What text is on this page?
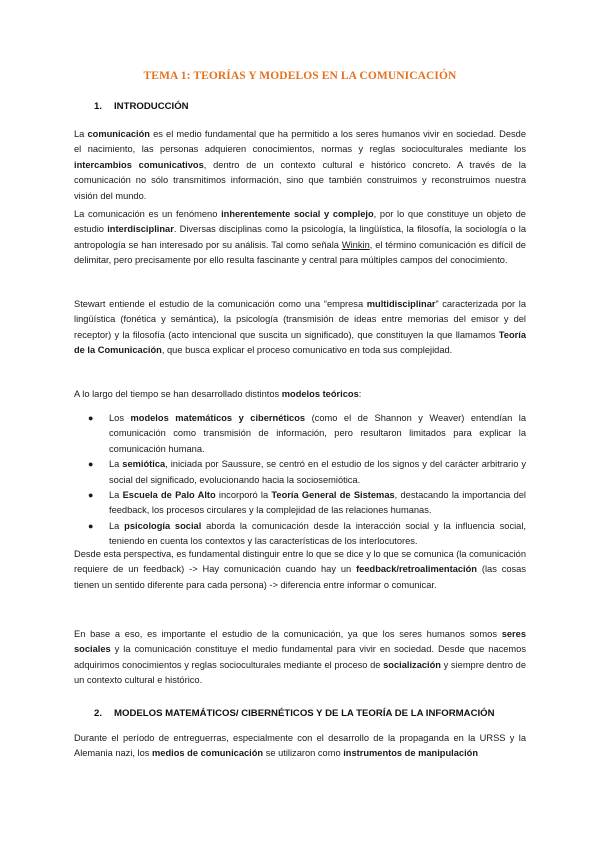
TEMA 1: TEORÍAS Y MODELOS EN LA COMUNICACIÓN
1. INTRODUCCIÓN

La comunicación es el medio fundamental que ha permitido a los seres humanos vivir en sociedad. Desde el nacimiento, las personas adquieren conocimientos, normas y reglas socioculturales mediante los intercambios comunicativos, dentro de un contexto cultural e histórico concreto. A través de la comunicación no sólo transmitimos información, sino que también construimos y reconstruimos nuestra visión del mundo.

La comunicación es un fenómeno inherentemente social y complejo, por lo que constituye un objeto de estudio interdisciplinar. Diversas disciplinas como la psicología, la lingüística, la filosofía, la sociología o la antropología se han interesado por su análisis. Tal como señala Winkin, el término comunicación es difícil de delimitar, pero precisamente por ello resulta fascinante y central para múltiples campos del conocimiento.

Stewart entiende el estudio de la comunicación como una “empresa multidisciplinar” caracterizada por la lingüística (fonética y semántica), la psicología (transmisión de ideas entre memorias del emisor y del receptor) y la filosofía (acto intencional que suscita un significado), que constituyen la que llamamos Teoría de la Comunicación, que busca explicar el proceso comunicativo en toda sus complejidad.

A lo largo del tiempo se han desarrollado distintos modelos teóricos:

● Los modelos matemáticos y cibernéticos (como el de Shannon y Weaver) entendían la comunicación como transmisión de información, pero resultaron limitados para explicar la comunicación humana.
● La semiótica, iniciada por Saussure, se centró en el estudio de los signos y del carácter arbitrario y social del significado, evolucionando hacia la sociosemiótica.
● La Escuela de Palo Alto incorporó la Teoría General de Sistemas, destacando la importancia del feedback, los procesos circulares y la complejidad de las relaciones humanas.
● La psicología social aborda la comunicación desde la interacción social y la influencia social, teniendo en cuenta los contextos y las características de los interlocutores.

Desde esta perspectiva, es fundamental distinguir entre lo que se dice y lo que se comunica (la comunicación requiere de un feedback) -> Hay comunicación cuando hay un feedback/retroalimentación (las cosas tienen un sentido diferente para cada persona) -> diferencia entre informar o comunicar.

En base a eso, es importante el estudio de la comunicación, ya que los seres humanos somos seres sociales y la comunicación constituye el medio fundamental para vivir en sociedad. Desde que nacemos adquirimos conocimientos y reglas socioculturales mediante el proceso de socialización y siempre dentro de un contexto cultural e histórico.

2. MODELOS MATEMÁTICOS/ CIBERNÉTICOS Y DE LA TEORÍA DE LA INFORMACIÓN

Durante el período de entreguerras, especialmente con el desarrollo de la propaganda en la URSS y la Alemania nazi, los medios de comunicación se utilizaron como instrumentos de manipulación
